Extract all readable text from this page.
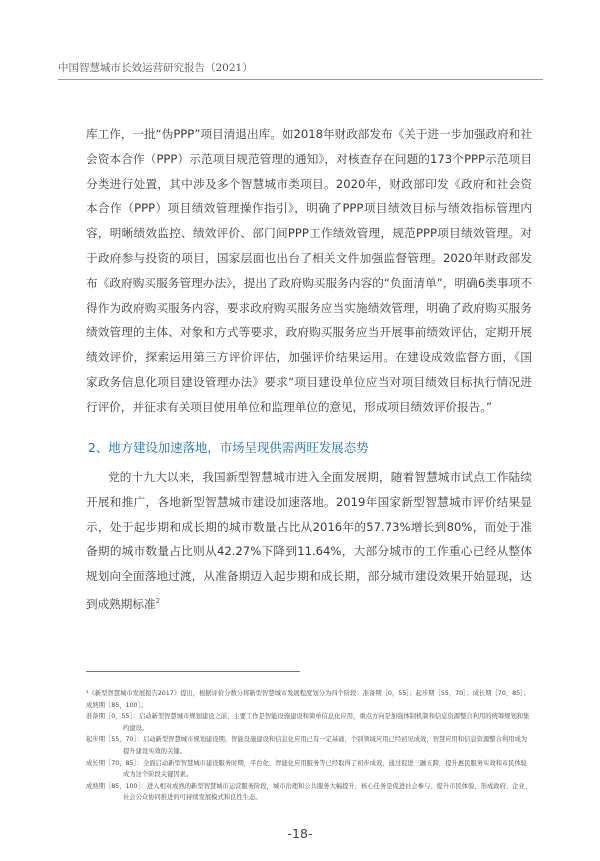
中国智慧城市长效运营研究报告（2021）
库工作，一批“伪PPP”项目清退出库。如2018年财政部发布《关于进一步加强政府和社会资本合作（PPP）示范项目规范管理的通知》，对核查存在问题的173个PPP示范项目分类进行处置，其中涉及多个智慧城市类项目。2020年，财政部印发《政府和社会资本合作（PPP）项目绩效管理操作指引》，明确了PPP项目绩效目标与绩效指标管理内容，明晰绩效监控、绩效评价、部门间PPP工作绩效管理，规范PPP项目绩效管理。对于政府参与投资的项目，国家层面也出台了相关文件加强监督管理。2020年财政部发布《政府购买服务管理办法》，提出了政府购买服务内容的“负面清单”，明确6类事项不得作为政府购买服务内容，要求政府购买服务应当实施绩效管理，明确了政府购买服务绩效管理的主体、对象和方式等要求，政府购买服务应当开展事前绩效评估，定期开展绩效评价，探索运用第三方评价评估，加强评价结果运用。在建设成效监督方面，《国家政务信息化项目建设管理办法》要求“项目建设单位应当对项目绩效目标执行情况进行评价，并征求有关项目使用单位和监理单位的意见，形成项目绩效评价报告。”
2、地方建设加速落地，市场呈现供需两旺发展态势
党的十九大以来，我国新型智慧城市进入全面发展期，随着智慧城市试点工作陆续开展和推广，各地新型智慧城市建设加速落地。2019年国家新型智慧城市评价结果显示，处于起步期和成长期的城市数量占比从2016年的57.73%增长到80%，而处于准备期的城市数量占比则从42.27%下降到11.64%，大部分城市的工作重心已经从整体规划向全面落地过渡，从准备期迈入起步期和成长期，部分城市建设效果开始显现，达到成熟期标准$^2$

²《新型智慧城市发展报告2017》提出，根据评价分数分将新型智慧城市发展程度划分为四个阶段：准备期［0，55］；起步期［55，70］；成长期［70，85］；成熟期［85，100］。

准备期［0，55］：启动新型智慧城市规划建设之前，主要工作是智能设施建设和简单信息化应用，重点方向是加强体制机制和信息资源整合利用的统筹规划和集约建设。

起步期［55，70］：启动新型智慧城市规划建设期，智能设施建设和信息化应用已有一定基础，个别领域应用已经初见成效，智慧应用和信息资源整合利用成为提升建设实效的关键。

成长期［70，85］：全面启动新型智慧城市建设服务时期，平台化、智能化应用服务等已经取得了初步成效，通过促进三融五跨，提升惠民服务实效和市民体验成为这个阶段关键因素。

成熟期［85，100］：进入相对成熟的新型智慧城市运营服务阶段，城市治理和公共服务大幅提升，核心任务是促进社会参与、提升市民体验、形成政府、企业、社会公众协同推进的可持续发展模式和良性生态。

-18-
